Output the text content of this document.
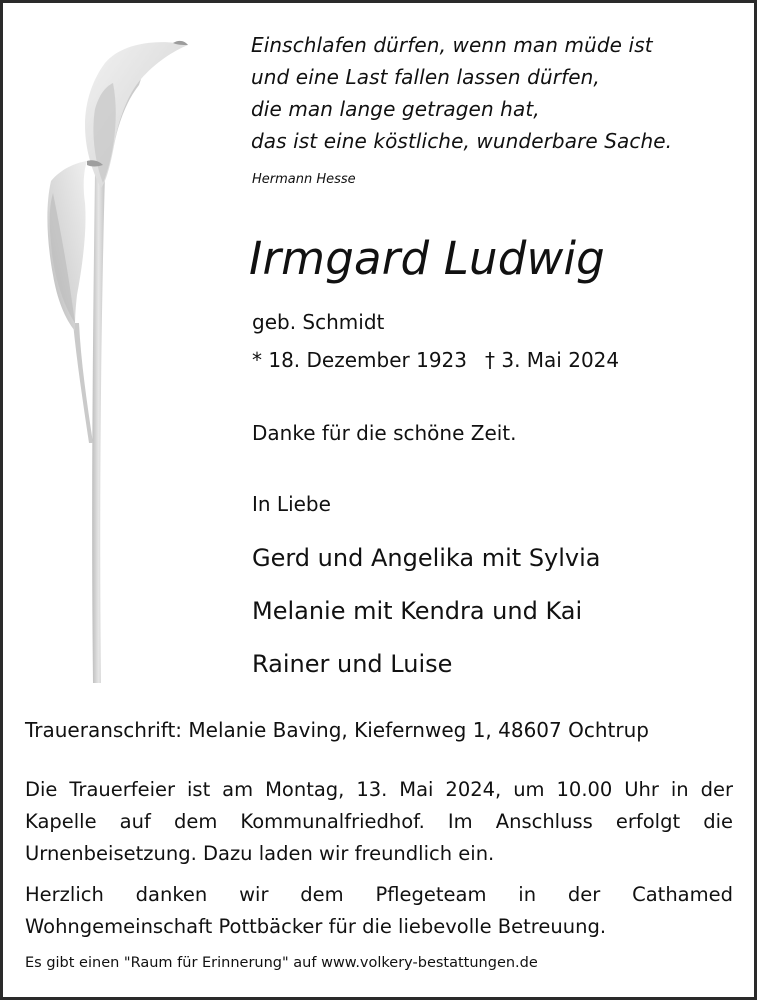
Einschlafen dürfen, wenn man müde ist
und eine Last fallen lassen dürfen,
die man lange getragen hat,
das ist eine köstliche, wunderbare Sache.
Hermann Hesse
Irmgard Ludwig
geb. Schmidt
* 18. Dezember 1923 † 3. Mai 2024
Danke für die schöne Zeit.
In Liebe
Gerd und Angelika mit Sylvia
Melanie mit Kendra und Kai
Rainer und Luise
Traueranschrift: Melanie Baving, Kiefernweg 1, 48607 Ochtrup
Die Trauerfeier ist am Montag, 13. Mai 2024, um 10.00 Uhr in der Kapelle auf dem Kommunalfriedhof. Im Anschluss erfolgt die Urnenbeisetzung. Dazu laden wir freundlich ein.
Herzlich danken wir dem Pflegeteam in der Cathamed Wohngemeinschaft Pottbäcker für die liebevolle Betreuung.
Es gibt einen "Raum für Erinnerung" auf www.volkery-bestattungen.de
